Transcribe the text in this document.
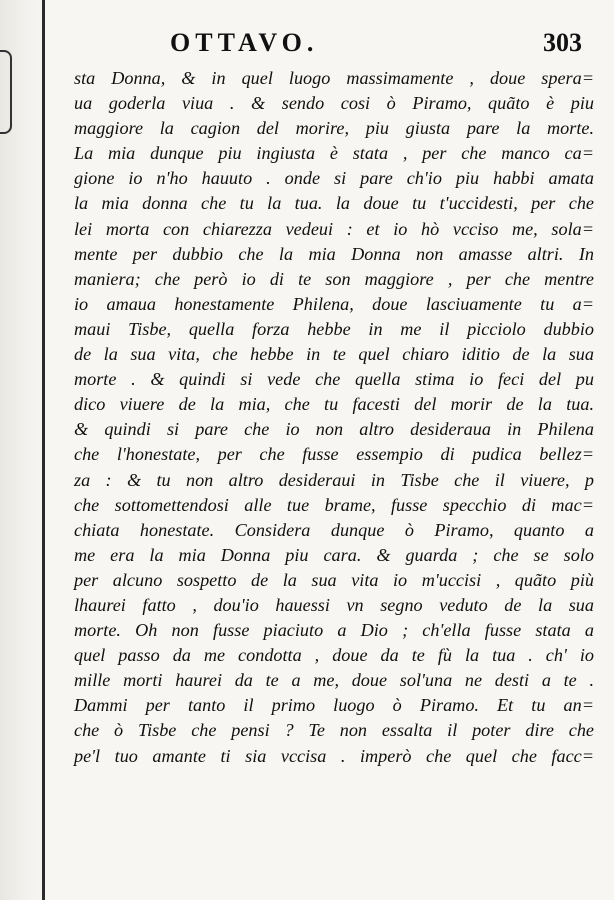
OTTAVO.	303
sta Donna, & in quel luogo massimamente , doue spera=
ua goderla viua . & sendo cosi ò Piramo, quãto è piu
maggiore la cagion del morire, piu giusta pare la morte.
La mia dunque piu ingiusta è stata , per che manco ca=
gione io n'ho hauuto . onde si pare ch'io piu habbi amata
la mia donna che tu la tua. la doue tu t'uccidesti, per che
lei morta con chiarezza vedeui : et io hò vcciso me, sola=
mente per dubbio che la mia Donna non amasse altri. In
maniera; che però io di te son maggiore , per che mentre
io amaua honestamente Philena, doue lasciuamente tu a=
maui Tisbe, quella forza hebbe in me il picciolo dubbio
de la sua vita, che hebbe in te quel chiaro iditio de la sua
morte . & quindi si vede che quella stima io feci del pu
dico viuere de la mia, che tu facesti del morir de la tua.
& quindi si pare che io non altro desideraua in Philena
che l'honestate, per che fusse essempio di pudica bellez=
za : & tu non altro desideraui in Tisbe che il viuere, p
che sottomettendosi alle tue brame, fusse specchio di mac=
chiata honestate. Considera dunque ò Piramo, quanto a
me era la mia Donna piu cara. & guarda ; che se solo
per alcuno sospetto de la sua vita io m'uccisi , quãto più
lhaurei fatto , dou'io hauessi vn segno veduto de la sua
morte. Oh non fusse piaciuto a Dio ; ch'ella fusse stata a
quel passo da me condotta , doue da te fù la tua . ch' io
mille morti haurei da te a me, doue sol'una ne desti a te .
Dammi per tanto il primo luogo ò Piramo. Et tu an=
che ò Tisbe che pensi ? Te non essalta il poter dire che
pe'l tuo amante ti sia vccisa . imperò che quel che facc=
